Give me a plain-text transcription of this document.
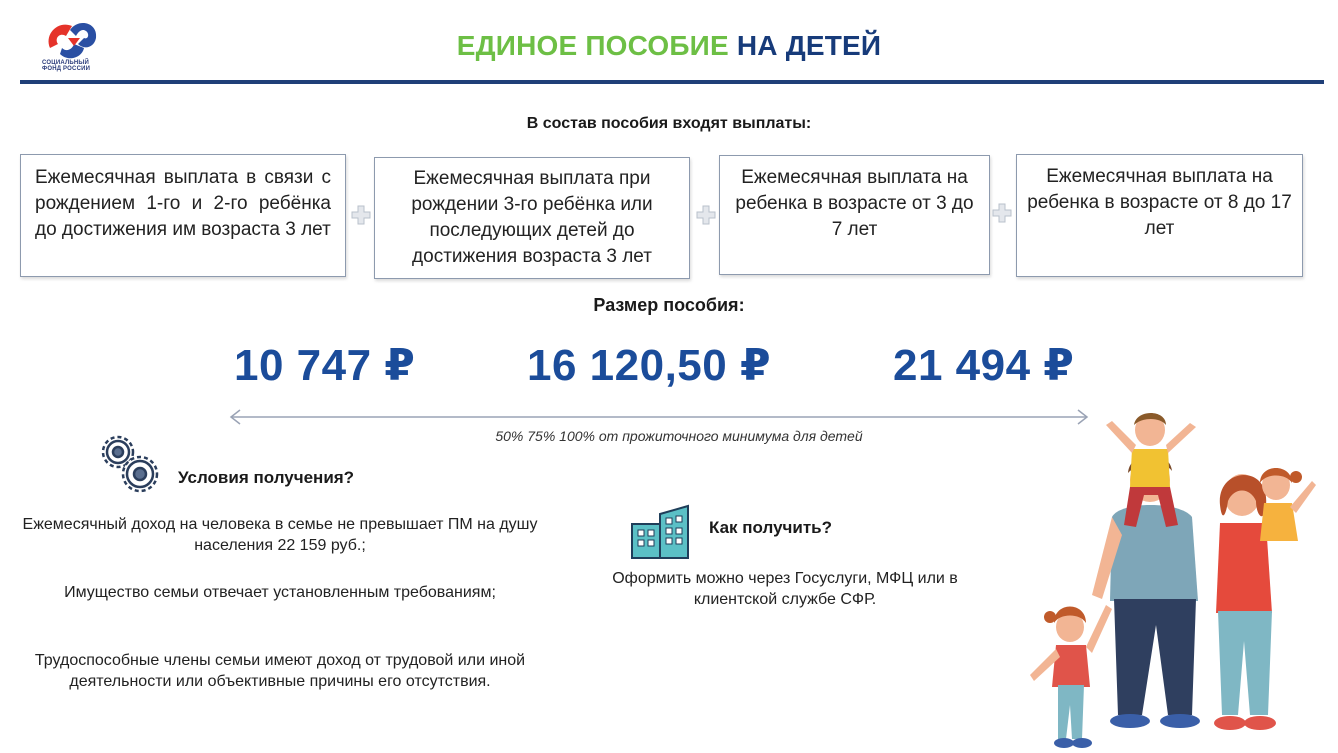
СОЦИАЛЬНЫЙ
ФОНД РОССИИ
ЕДИНОЕ ПОСОБИЕ НА ДЕТЕЙ
В состав пособия входят выплаты:
Ежемесячная выплата в связи с рождением 1-го и 2-го ребёнка до достижения им возраста 3 лет
Ежемесячная выплата при рождении 3-го ребёнка или последующих детей до достижения возраста 3 лет
Ежемесячная выплата на ребенка в возрасте от 3 до 7 лет
Ежемесячная выплата на ребенка в возрасте от 8 до 17 лет
Размер пособия:
10 747 ₽	16 120,50 ₽	21 494 ₽
50% 75% 100% от прожиточного минимума для детей
Условия получения?
Ежемесячный доход на человека в семье не превышает ПМ на душу населения 22 159 руб.;
Имущество семьи отвечает установленным требованиям;
Трудоспособные члены семьи имеют доход от трудовой или иной деятельности или объективные причины его отсутствия.
Как получить?
Оформить можно через Госуслуги, МФЦ или в клиентской службе СФР.
